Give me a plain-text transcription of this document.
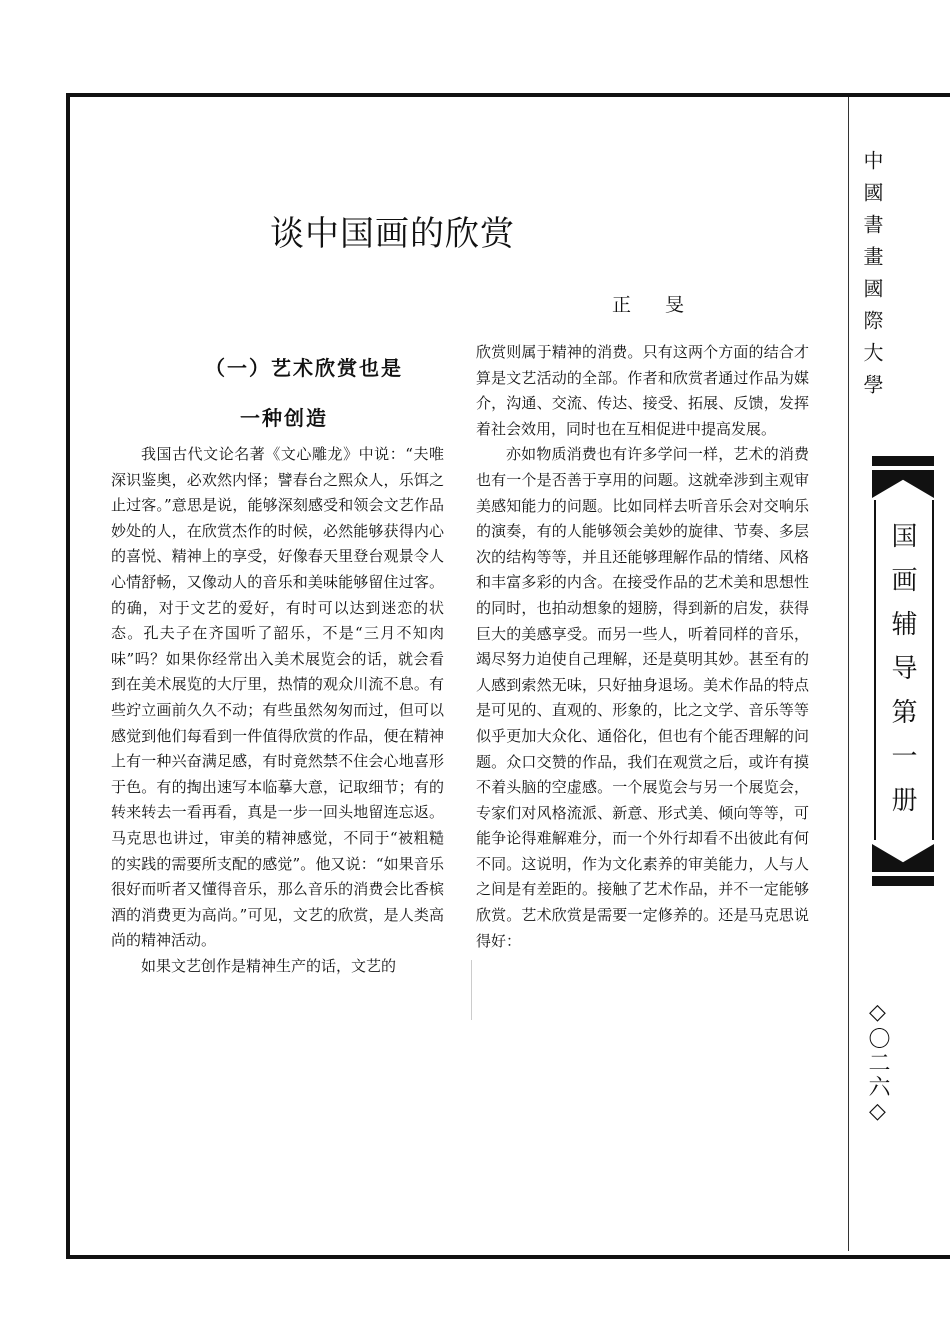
谈中国画的欣赏
正 旻
（一）艺术欣赏也是
一种创造

我国古代文论名著《文心雕龙》中说：“夫唯深识鉴奥，必欢然内怿；譬春台之熙众人，乐饵之止过客。”意思是说，能够深刻感受和领会文艺作品妙处的人，在欣赏杰作的时候，必然能够获得内心的喜悦、精神上的享受，好像春天里登台观景令人心情舒畅，又像动人的音乐和美味能够留住过客。的确，对于文艺的爱好，有时可以达到迷恋的状态。孔夫子在齐国听了韶乐，不是“三月不知肉味”吗？如果你经常出入美术展览会的话，就会看到在美术展览的大厅里，热情的观众川流不息。有些竚立画前久久不动；有些虽然匆匆而过，但可以感觉到他们每看到一件值得欣赏的作品，便在精神上有一种兴奋满足感，有时竟然禁不住会心地喜形于色。有的掏出速写本临摹大意，记取细节；有的转来转去一看再看，真是一步一回头地留连忘返。马克思也讲过，审美的精神感觉，不同于“被粗糙的实践的需要所支配的感觉”。他又说：“如果音乐很好而听者又懂得音乐，那么音乐的消费会比香槟酒的消费更为高尚。”可见，文艺的欣赏，是人类高尚的精神活动。

如果文艺创作是精神生产的话，文艺的

欣赏则属于精神的消费。只有这两个方面的结合才算是文艺活动的全部。作者和欣赏者通过作品为媒介，沟通、交流、传达、接受、拓展、反馈，发挥着社会效用，同时也在互相促进中提高发展。

亦如物质消费也有许多学问一样，艺术的消费也有一个是否善于享用的问题。这就牵涉到主观审美感知能力的问题。比如同样去听音乐会对交响乐的演奏，有的人能够领会美妙的旋律、节奏、多层次的结构等等，并且还能够理解作品的情绪、风格和丰富多彩的内含。在接受作品的艺术美和思想性的同时，也拍动想象的翅膀，得到新的启发，获得巨大的美感享受。而另一些人，听着同样的音乐，竭尽努力迫使自己理解，还是莫明其妙。甚至有的人感到索然无味，只好抽身退场。美术作品的特点是可见的、直观的、形象的，比之文学、音乐等等似乎更加大众化、通俗化，但也有个能否理解的问题。众口交赞的作品，我们在观赏之后，或许有摸不着头脑的空虚感。一个展览会与另一个展览会，专家们对风格流派、新意、形式美、倾向等等，可能争论得难解难分，而一个外行却看不出彼此有何不同。这说明，作为文化素养的审美能力，人与人之间是有差距的。接触了艺术作品，并不一定能够欣赏。艺术欣赏是需要一定修养的。还是马克思说得好：

中國書畫國際大學
国画辅导第一册
◇〇二六◇
